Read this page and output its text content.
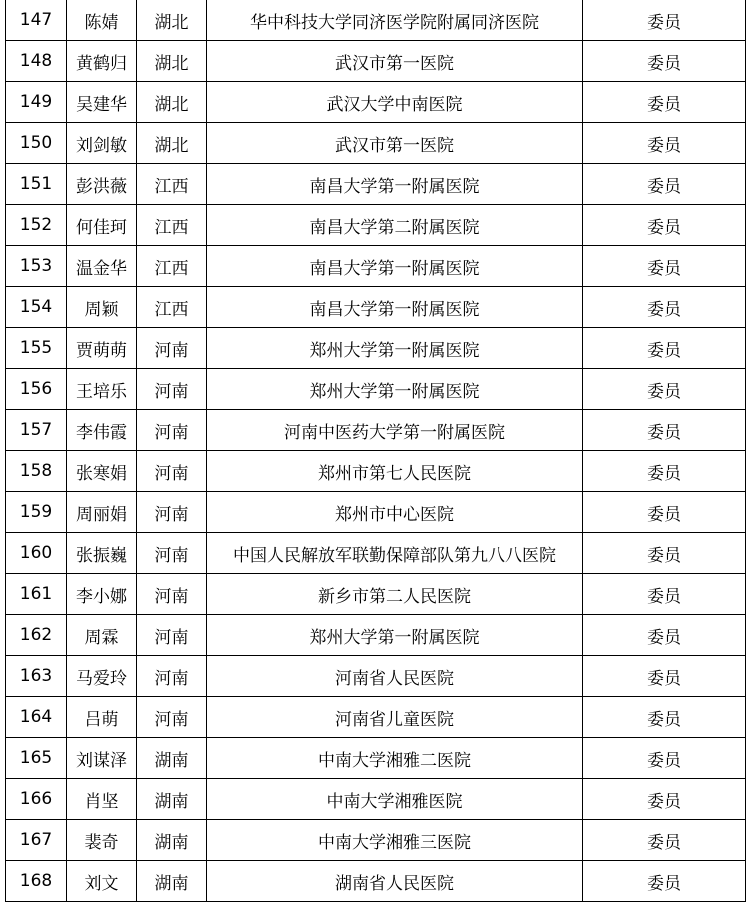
147	陈婧	湖北	华中科技大学同济医学院附属同济医院	委员
148	黄鹤归	湖北	武汉市第一医院	委员
149	吴建华	湖北	武汉大学中南医院	委员
150	刘剑敏	湖北	武汉市第一医院	委员
151	彭洪薇	江西	南昌大学第一附属医院	委员
152	何佳珂	江西	南昌大学第二附属医院	委员
153	温金华	江西	南昌大学第一附属医院	委员
154	周颖	江西	南昌大学第一附属医院	委员
155	贾萌萌	河南	郑州大学第一附属医院	委员
156	王培乐	河南	郑州大学第一附属医院	委员
157	李伟霞	河南	河南中医药大学第一附属医院	委员
158	张寒娟	河南	郑州市第七人民医院	委员
159	周丽娟	河南	郑州市中心医院	委员
160	张振巍	河南	中国人民解放军联勤保障部队第九八八医院	委员
161	李小娜	河南	新乡市第二人民医院	委员
162	周霖	河南	郑州大学第一附属医院	委员
163	马爱玲	河南	河南省人民医院	委员
164	吕萌	河南	河南省儿童医院	委员
165	刘谋泽	湖南	中南大学湘雅二医院	委员
166	肖坚	湖南	中南大学湘雅医院	委员
167	裴奇	湖南	中南大学湘雅三医院	委员
168	刘文	湖南	湖南省人民医院	委员
